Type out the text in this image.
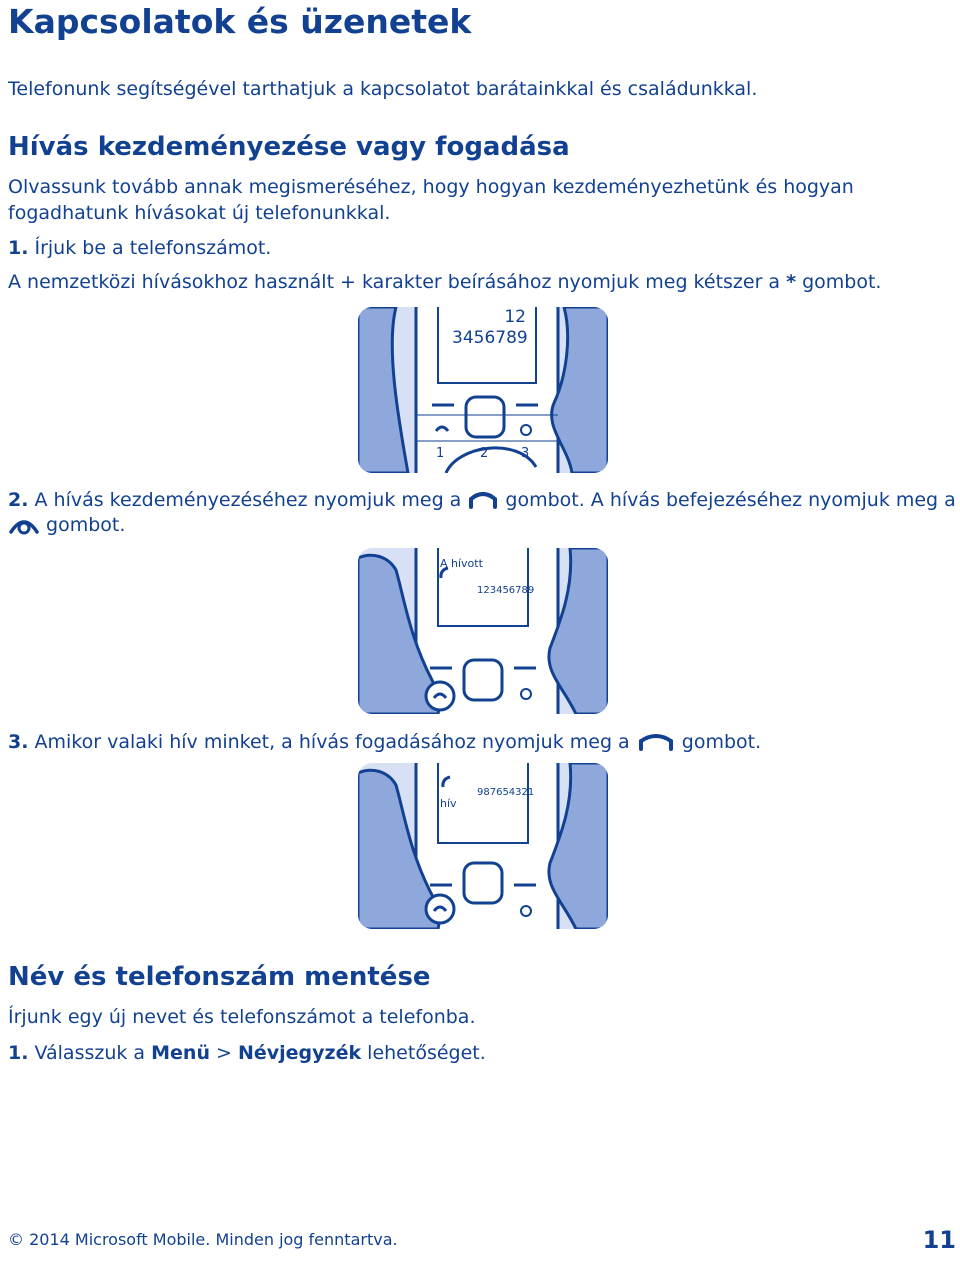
Kapcsolatok és üzenetek

Telefonunk segítségével tarthatjuk a kapcsolatot barátainkkal és családunkkal.

Hívás kezdeményezése vagy fogadása

Olvassunk tovább annak megismeréséhez, hogy hogyan kezdeményezhetünk és hogyan

fogadhatunk hívásokat új telefonunkkal.

1. Írjuk be a telefonszámot.

A nemzetközi hívásokhoz használt + karakter beírásához nyomjuk meg kétszer a * gombot.

12
3456789
1	2	3

2. A hívás kezdeményezéséhez nyomjuk meg a  gombot. A hívás befejezéséhez nyomjuk meg a

gombot.

A hívott
123456789

3. Amikor valaki hív minket, a hívás fogadásához nyomjuk meg a  gombot.

hív
987654321
Név és telefonszám mentése

Írjunk egy új nevet és telefonszámot a telefonba.

1. Válasszuk a Menü > Névjegyzék lehetőséget.

© 2014 Microsoft Mobile. Minden jog fenntartva.	11
